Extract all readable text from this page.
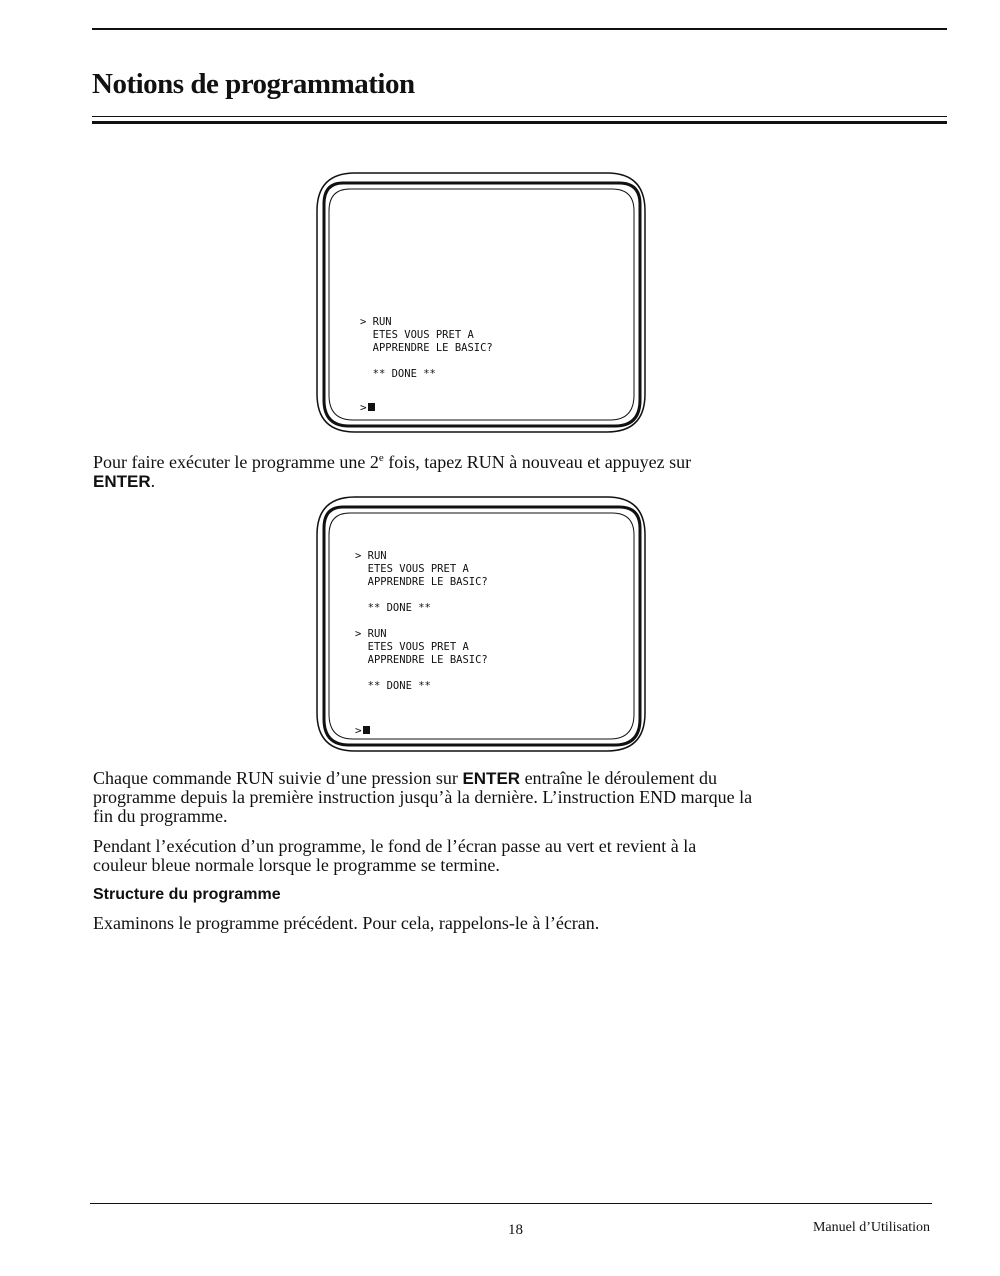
Notions de programmation
> RUN
ETES VOUS PRET A
APPRENDRE LE BASIC?

** DONE **
>

Pour faire exécuter le programme une 2e fois, tapez RUN à nouveau et appuyez sur ENTER.

> RUN
ETES VOUS PRET A
APPRENDRE LE BASIC?

** DONE **

> RUN
ETES VOUS PRET A
APPRENDRE LE BASIC?

** DONE **
>

Chaque commande RUN suivie d’une pression sur ENTER entraîne le déroulement du programme depuis la première instruction jusqu’à la dernière. L’instruction END marque la fin du programme.

Pendant l’exécution d’un programme, le fond de l’écran passe au vert et revient à la couleur bleue normale lorsque le programme se termine.

Structure du programme

Examinons le programme précédent. Pour cela, rappelons-le à l’écran.

18	Manuel d’Utilisation
